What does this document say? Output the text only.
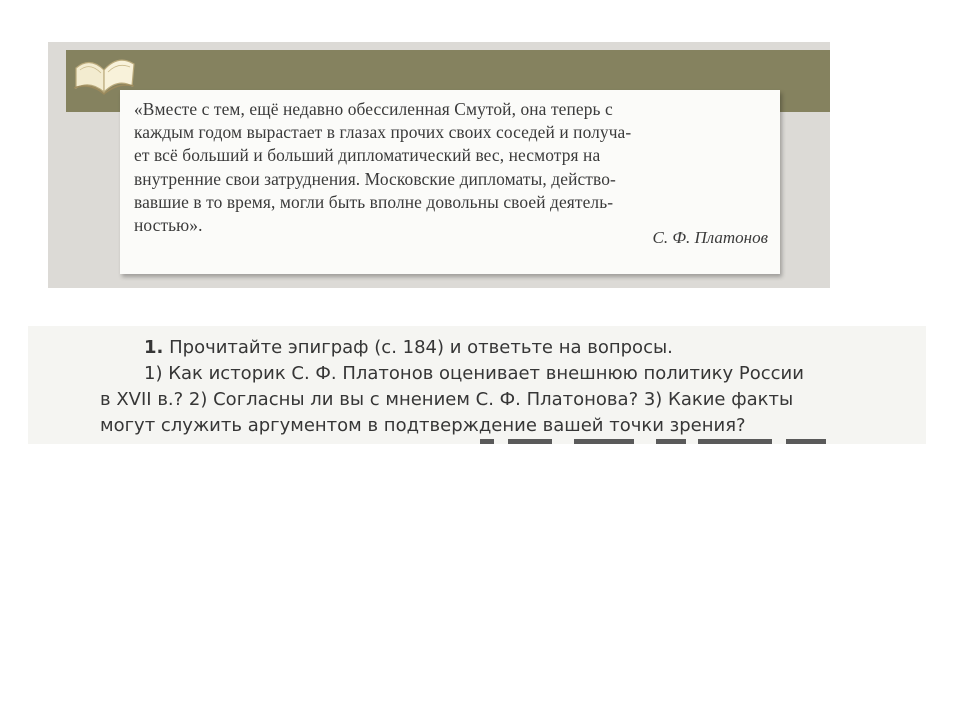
«Вместе с тем, ещё недавно обессиленная Смутой, она теперь с
каждым годом вырастает в глазах прочих своих соседей и получа-
ет всё больший и больший дипломатический вес, несмотря на
внутренние свои затруднения. Московские дипломаты, действо-
вавшие в то время, могли быть вполне довольны своей деятель-
ностью».

С. Ф. Платонов

1. Прочитайте эпиграф (с. 184) и ответьте на вопросы.
1) Как историк С. Ф. Платонов оценивает внешнюю политику России
в XVII в.? 2) Согласны ли вы с мнением С. Ф. Платонова? 3) Какие факты
могут служить аргументом в подтверждение вашей точки зрения?
